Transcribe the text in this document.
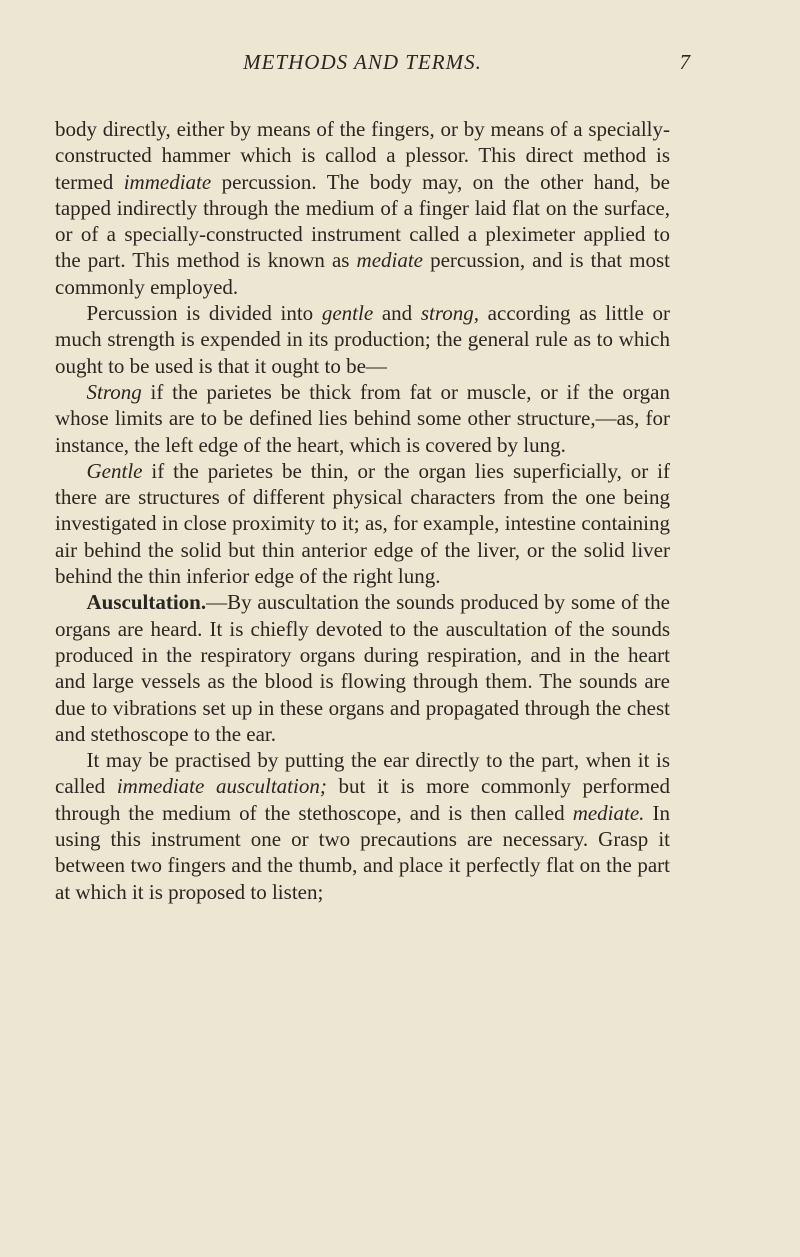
METHODS AND TERMS.	7

body directly, either by means of the fingers, or by means of a specially-constructed hammer which is callod a plessor. This direct method is termed immediate percussion. The body may, on the other hand, be tapped indirectly through the medium of a finger laid flat on the surface, or of a specially-constructed instrument called a pleximeter applied to the part. This method is known as mediate percussion, and is that most commonly employed.

Percussion is divided into gentle and strong, according as little or much strength is expended in its production; the general rule as to which ought to be used is that it ought to be—

Strong if the parietes be thick from fat or muscle, or if the organ whose limits are to be defined lies behind some other structure,—as, for instance, the left edge of the heart, which is covered by lung.

Gentle if the parietes be thin, or the organ lies superficially, or if there are structures of different physical characters from the one being investigated in close proximity to it; as, for example, intestine containing air behind the solid but thin anterior edge of the liver, or the solid liver behind the thin inferior edge of the right lung.

Auscultation.—By auscultation the sounds produced by some of the organs are heard. It is chiefly devoted to the auscultation of the sounds produced in the respiratory organs during respiration, and in the heart and large vessels as the blood is flowing through them. The sounds are due to vibrations set up in these organs and propagated through the chest and stethoscope to the ear.

It may be practised by putting the ear directly to the part, when it is called immediate auscultation; but it is more commonly performed through the medium of the stethoscope, and is then called mediate. In using this instrument one or two precautions are necessary. Grasp it between two fingers and the thumb, and place it perfectly flat on the part at which it is proposed to listen;
